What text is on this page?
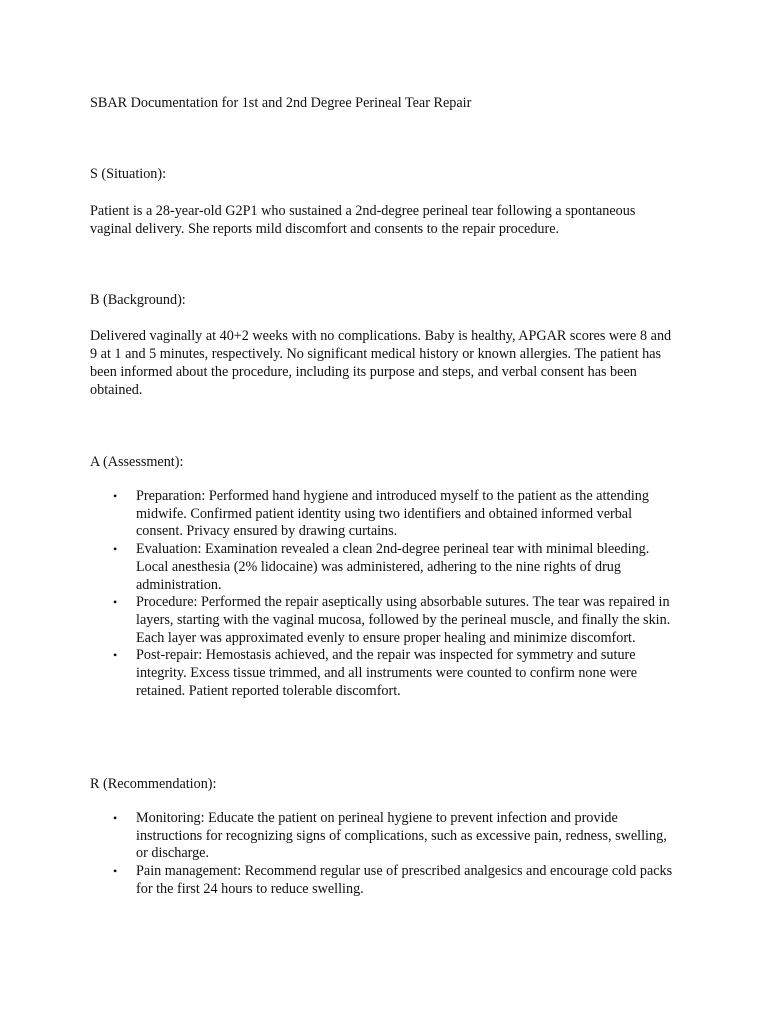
SBAR Documentation for 1st and 2nd Degree Perineal Tear Repair
S (Situation):

Patient is a 28-year-old G2P1 who sustained a 2nd-degree perineal tear following a spontaneous vaginal delivery. She reports mild discomfort and consents to the repair procedure.

B (Background):

Delivered vaginally at 40+2 weeks with no complications. Baby is healthy, APGAR scores were 8 and 9 at 1 and 5 minutes, respectively. No significant medical history or known allergies. The patient has been informed about the procedure, including its purpose and steps, and verbal consent has been obtained.

A (Assessment):
• Preparation: Performed hand hygiene and introduced myself to the patient as the attending midwife. Confirmed patient identity using two identifiers and obtained informed verbal consent. Privacy ensured by drawing curtains.
• Evaluation: Examination revealed a clean 2nd-degree perineal tear with minimal bleeding. Local anesthesia (2% lidocaine) was administered, adhering to the nine rights of drug administration.
• Procedure: Performed the repair aseptically using absorbable sutures. The tear was repaired in layers, starting with the vaginal mucosa, followed by the perineal muscle, and finally the skin. Each layer was approximated evenly to ensure proper healing and minimize discomfort.
• Post-repair: Hemostasis achieved, and the repair was inspected for symmetry and suture integrity. Excess tissue trimmed, and all instruments were counted to confirm none were retained. Patient reported tolerable discomfort.
R (Recommendation):
• Monitoring: Educate the patient on perineal hygiene to prevent infection and provide instructions for recognizing signs of complications, such as excessive pain, redness, swelling, or discharge.
• Pain management: Recommend regular use of prescribed analgesics and encourage cold packs for the first 24 hours to reduce swelling.
